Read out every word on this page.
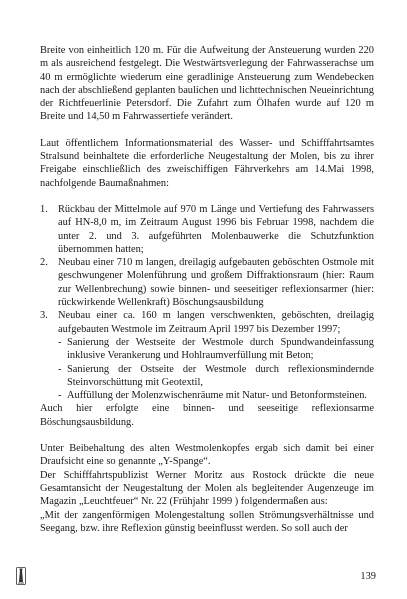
Breite von einheitlich 120 m. Für die Aufweitung der Ansteuerung wurden 220 m als ausreichend festgelegt. Die Westwärtsverlegung der Fahrwasserachse um 40 m ermöglichte wiederum eine geradlinige Ansteuerung zum Wendebecken nach der abschließend geplanten baulichen und lichttechnischen Neueinrichtung der Richtfeuerlinie Petersdorf. Die Zufahrt zum Ölhafen wurde auf 120 m Breite und 14,50 m Fahrwassertiefe verändert.

Laut öffentlichem Informationsmaterial des Wasser- und Schifffahrtsamtes Stralsund beinhaltete die erforderliche Neugestaltung der Molen, bis zu ihrer Freigabe einschließlich des zweischiffigen Fährverkehrs am 14.Mai 1998, nachfolgende Baumaßnahmen:

1. Rückbau der Mittelmole auf 970 m Länge und Vertiefung des Fahrwassers auf HN-8,0 m, im Zeitraum August 1996 bis Februar 1998, nachdem die unter 2. und 3. aufgeführten Molenbauwerke die Schutzfunktion übernommen hatten;
2. Neubau einer 710 m langen, dreilagig aufgebauten geböschten Ostmole mit geschwungener Molenführung und großem Diffraktionsraum (hier: Raum zur Wellenbrechung) sowie binnen- und seeseitiger reflexionsarmer (hier: rückwirkende Wellenkraft) Böschungsausbildung
3. Neubau einer ca. 160 m langen verschwenkten, geböschten, dreilagig aufgebauten Westmole im Zeitraum April 1997 bis Dezember 1997;
- Sanierung der Westseite der Westmole durch Spundwandeinfassung inklusive Verankerung und Hohlraumverfüllung mit Beton;
- Sanierung der Ostseite der Westmole durch reflexionsmindernde Steinvorschüttung mit Geotextil,
- Auffüllung der Molenzwischenräume mit Natur- und Betonformsteinen.

Auch hier erfolgte eine binnen- und seeseitige reflexionsarme Böschungsausbildung.

Unter Beibehaltung des alten Westmolenkopfes ergab sich damit bei einer Draufsicht eine so genannte „Y-Spange“.

Der Schifffahrtspublizist Werner Moritz aus Rostock drückte die neue Gesamtansicht der Neugestaltung der Molen als begleitender Augenzeuge im Magazin „Leuchtfeuer“ Nr. 22 (Frühjahr 1999 ) folgendermaßen aus:

„Mit der zangenförmigen Molengestaltung sollen Strömungsverhältnisse und Seegang, bzw. ihre Reflexion günstig beeinflusst werden. So soll auch der

139
